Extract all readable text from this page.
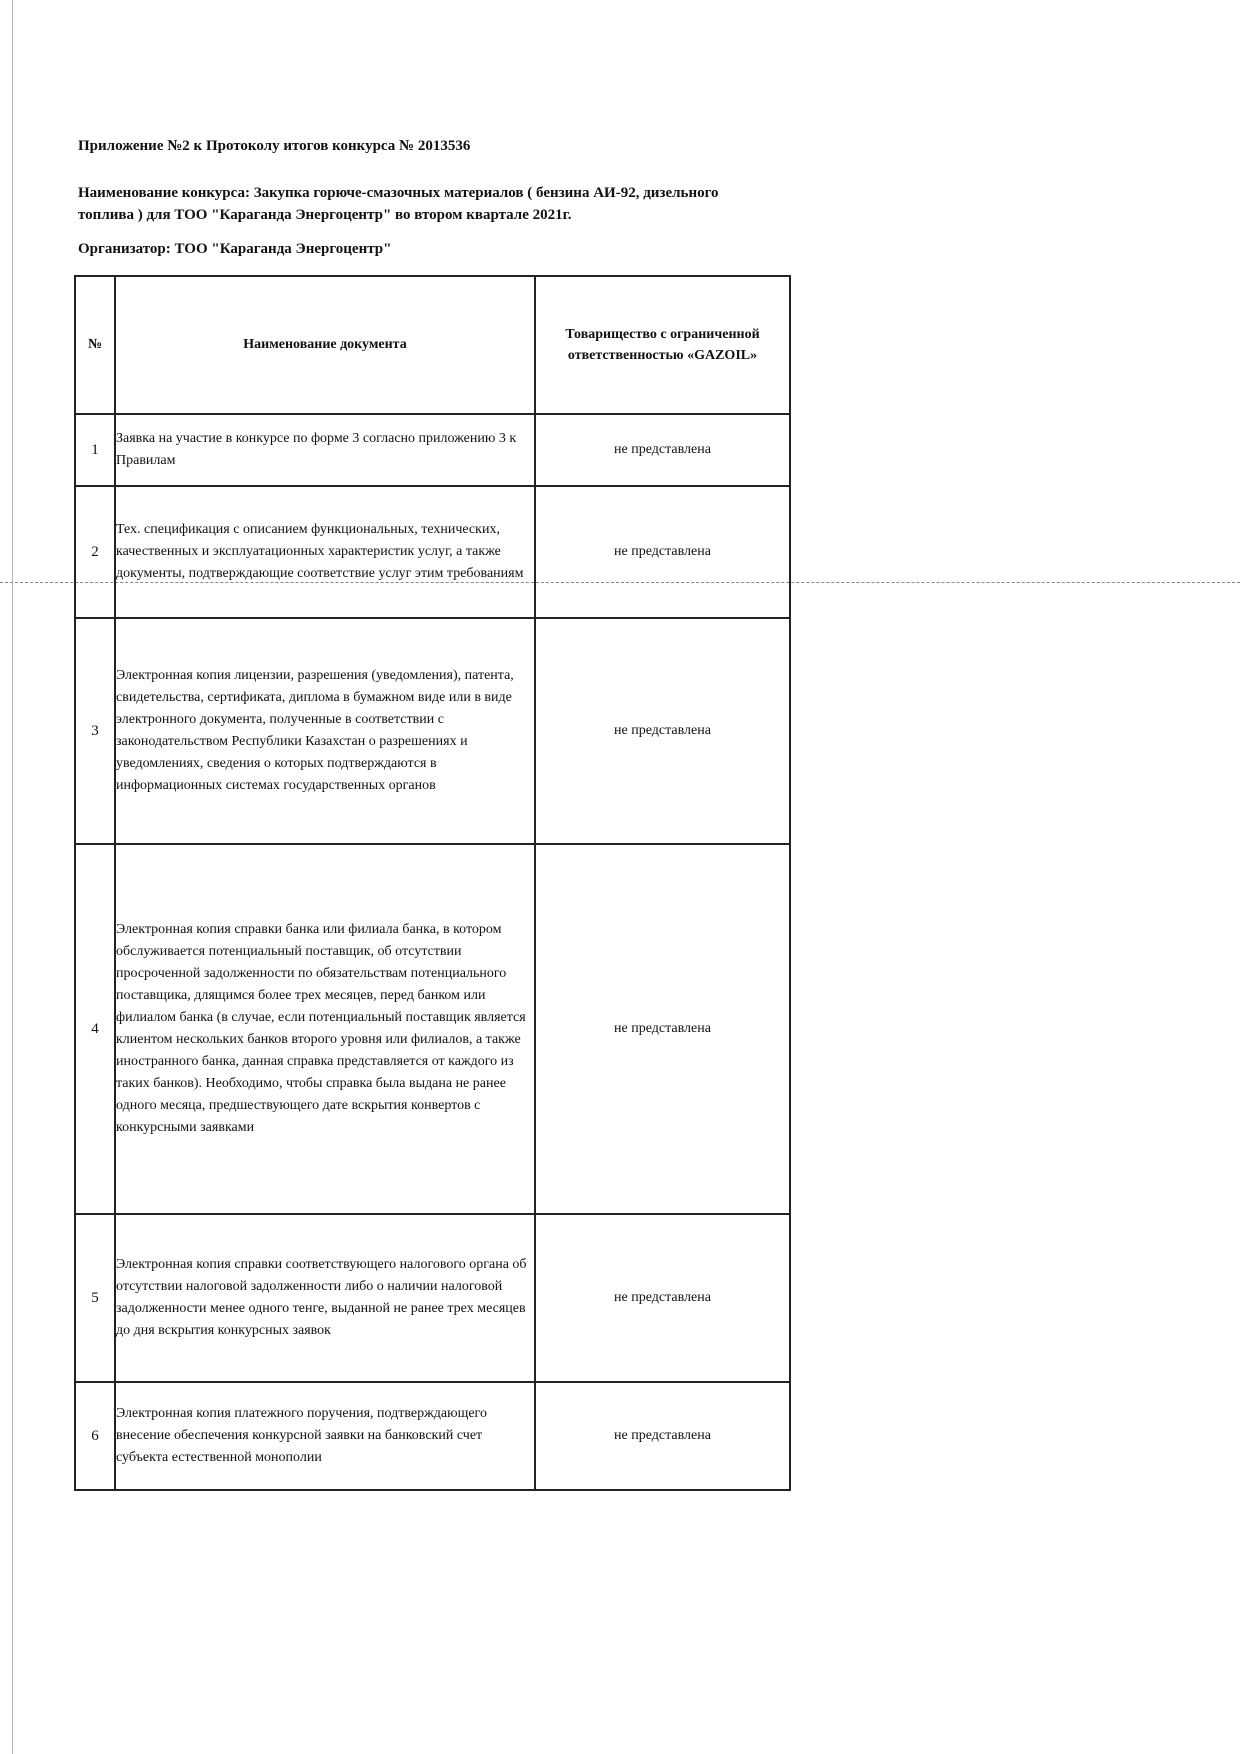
Приложение №2 к Протоколу итогов конкурса № 2013536
Наименование конкурса: Закупка горюче-смазочных материалов ( бензина АИ-92, дизельного топлива ) для ТОО "Караганда Энергоцентр" во втором квартале 2021г.
Организатор: ТОО "Караганда Энергоцентр"
№	Наименование документа	Товарищество с ограниченной ответственностью «GAZOIL»
1	Заявка на участие в конкурсе по форме 3 согласно приложению 3 к Правилам	не представлена
2	Тех. спецификация с описанием функциональных, технических, качественных и эксплуатационных характеристик услуг, а также документы, подтверждающие соответствие услуг этим требованиям	не представлена
3	Электронная копия лицензии, разрешения (уведомления), патента, свидетельства, сертификата, диплома в бумажном виде или в виде электронного документа, полученные в соответствии с законодательством Республики Казахстан о разрешениях и уведомлениях, сведения о которых подтверждаются в информационных системах государственных органов	не представлена
4	Электронная копия справки банка или филиала банка, в котором обслуживается потенциальный поставщик, об отсутствии просроченной задолженности по обязательствам потенциального поставщика, длящимся более трех месяцев, перед банком или филиалом банка (в случае, если потенциальный поставщик является клиентом нескольких банков второго уровня или филиалов, а также иностранного банка, данная справка представляется от каждого из таких банков). Необходимо, чтобы справка была выдана не ранее одного месяца, предшествующего дате вскрытия конвертов с конкурсными заявками	не представлена
5	Электронная копия справки соответствующего налогового органа об отсутствии налоговой задолженности либо о наличии налоговой задолженности менее одного тенге, выданной не ранее трех месяцев до дня вскрытия конкурсных заявок	не представлена
6	Электронная копия платежного поручения, подтверждающего внесение обеспечения конкурсной заявки на банковский счет субъекта естественной монополии	не представлена
